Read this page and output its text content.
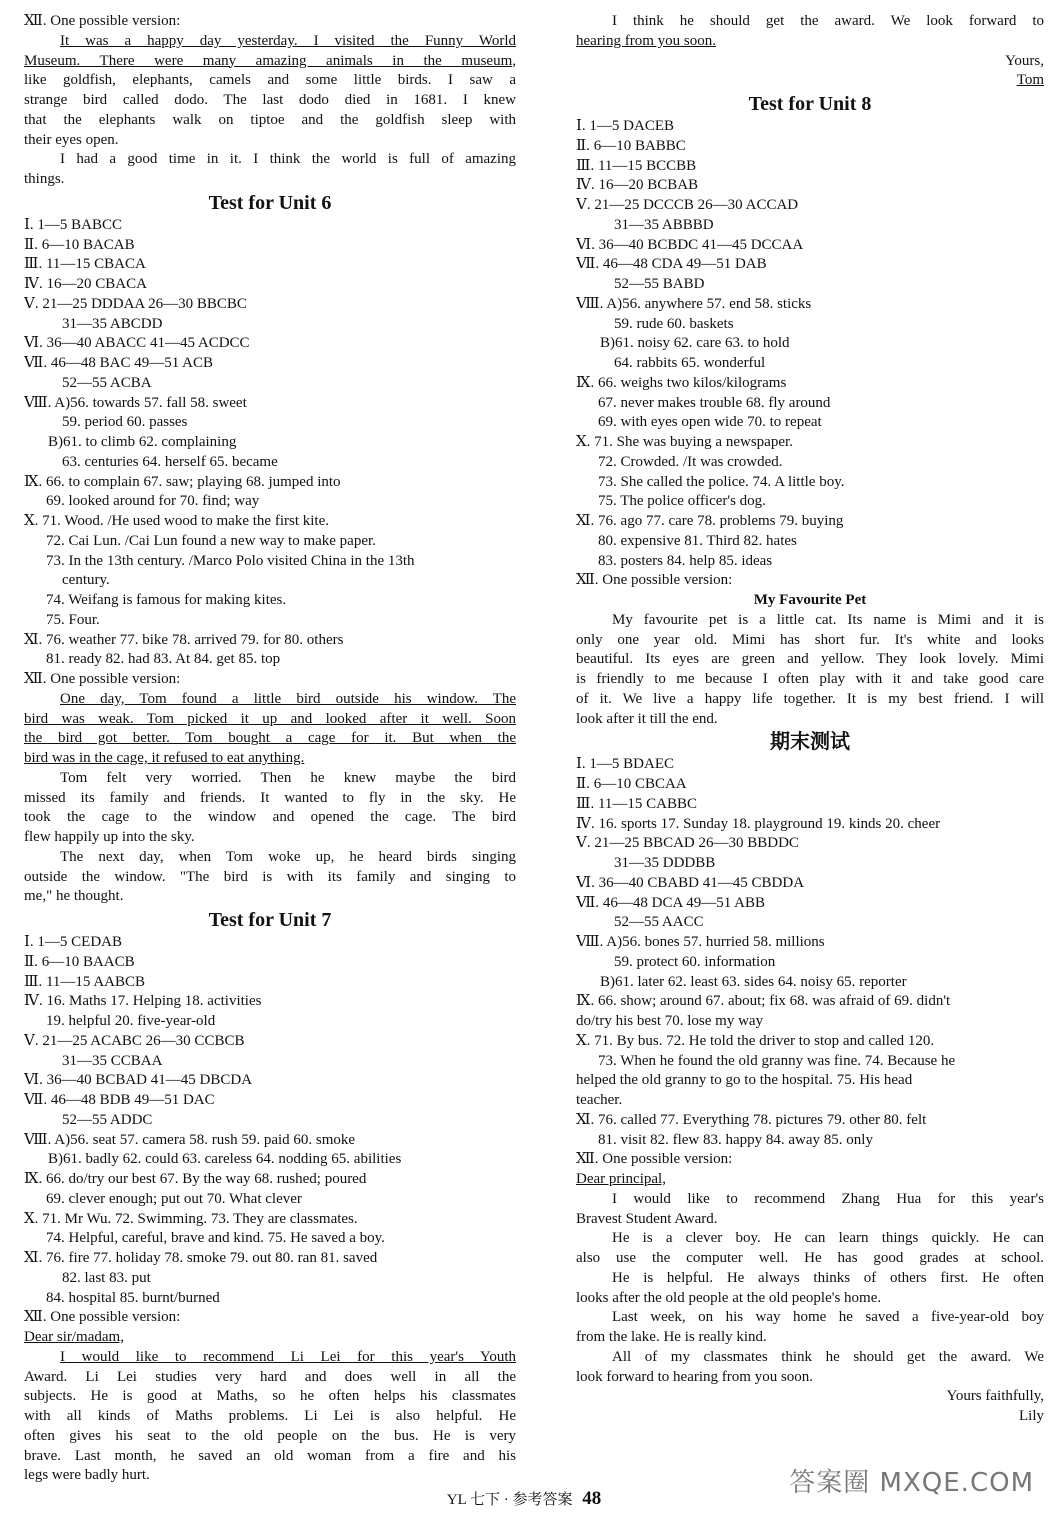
Ⅻ. One possible version:
It was a happy day yesterday. I visited the Funny World
Museum. There were many amazing animals in the museum,
like goldfish, elephants, camels and some little birds. I saw a
strange bird called dodo. The last dodo died in 1681. I knew
that the elephants walk on tiptoe and the goldfish sleep with
their eyes open.
I had a good time in it. I think the world is full of amazing
things.
Test for Unit 6
Ⅰ. 1—5 BABCC
Ⅱ. 6—10 BACAB
Ⅲ. 11—15 CBACA
Ⅳ. 16—20 CBACA
Ⅴ. 21—25 DDDAA 26—30 BBCBC
31—35 ABCDD
Ⅵ. 36—40 ABACC 41—45 ACDCC
Ⅶ. 46—48 BAC 49—51 ACB
52—55 ACBA
Ⅷ. A)56. towards 57. fall 58. sweet
59. period 60. passes
B)61. to climb 62. complaining
63. centuries 64. herself 65. became
Ⅸ. 66. to complain 67. saw; playing 68. jumped into
69. looked around for 70. find; way
Ⅹ. 71. Wood. /He used wood to make the first kite.
72. Cai Lun. /Cai Lun found a new way to make paper.
73. In the 13th century. /Marco Polo visited China in the 13th
century.
74. Weifang is famous for making kites.
75. Four.
Ⅺ. 76. weather 77. bike 78. arrived 79. for 80. others
81. ready 82. had 83. At 84. get 85. top
Ⅻ. One possible version:
One day, Tom found a little bird outside his window. The
bird was weak. Tom picked it up and looked after it well. Soon
the bird got better. Tom bought a cage for it. But when the
bird was in the cage, it refused to eat anything.
Tom felt very worried. Then he knew maybe the bird
missed its family and friends. It wanted to fly in the sky. He
took the cage to the window and opened the cage. The bird
flew happily up into the sky.
The next day, when Tom woke up, he heard birds singing
outside the window. "The bird is with its family and singing to
me," he thought.
Test for Unit 7
Ⅰ. 1—5 CEDAB
Ⅱ. 6—10 BAACB
Ⅲ. 11—15 AABCB
Ⅳ. 16. Maths 17. Helping 18. activities
19. helpful 20. five-year-old
Ⅴ. 21—25 ACABC 26—30 CCBCB
31—35 CCBAA
Ⅵ. 36—40 BCBAD 41—45 DBCDA
Ⅶ. 46—48 BDB 49—51 DAC
52—55 ADDC
Ⅷ. A)56. seat 57. camera 58. rush 59. paid 60. smoke
B)61. badly 62. could 63. careless 64. nodding 65. abilities
Ⅸ. 66. do/try our best 67. By the way 68. rushed; poured
69. clever enough; put out 70. What clever
Ⅹ. 71. Mr Wu. 72. Swimming. 73. They are classmates.
74. Helpful, careful, brave and kind. 75. He saved a boy.
Ⅺ. 76. fire 77. holiday 78. smoke 79. out 80. ran 81. saved
82. last 83. put
84. hospital 85. burnt/burned
Ⅻ. One possible version:
Dear sir/madam,
I would like to recommend Li Lei for this year's Youth
Award. Li Lei studies very hard and does well in all the
subjects. He is good at Maths, so he often helps his classmates
with all kinds of Maths problems. Li Lei is also helpful. He
often gives his seat to the old people on the bus. He is very
brave. Last month, he saved an old woman from a fire and his
legs were badly hurt.
I think he should get the award. We look forward to
hearing from you soon.
Yours,
Tom
Test for Unit 8
Ⅰ. 1—5 DACEB
Ⅱ. 6—10 BABBC
Ⅲ. 11—15 BCCBB
Ⅳ. 16—20 BCBAB
Ⅴ. 21—25 DCCCB 26—30 ACCAD
31—35 ABBBD
Ⅵ. 36—40 BCBDC 41—45 DCCAA
Ⅶ. 46—48 CDA 49—51 DAB
52—55 BABD
Ⅷ. A)56. anywhere 57. end 58. sticks
59. rude 60. baskets
B)61. noisy 62. care 63. to hold
64. rabbits 65. wonderful
Ⅸ. 66. weighs two kilos/kilograms
67. never makes trouble 68. fly around
69. with eyes open wide 70. to repeat
Ⅹ. 71. She was buying a newspaper.
72. Crowded. /It was crowded.
73. She called the police. 74. A little boy.
75. The police officer's dog.
Ⅺ. 76. ago 77. care 78. problems 79. buying
80. expensive 81. Third 82. hates
83. posters 84. help 85. ideas
Ⅻ. One possible version:
My Favourite Pet
My favourite pet is a little cat. Its name is Mimi and it is
only one year old. Mimi has short fur. It's white and looks
beautiful. Its eyes are green and yellow. They look lovely. Mimi
is friendly to me because I often play with it and take good care
of it. We live a happy life together. It is my best friend. I will
look after it till the end.
期末测试
Ⅰ. 1—5 BDAEC
Ⅱ. 6—10 CBCAA
Ⅲ. 11—15 CABBC
Ⅳ. 16. sports 17. Sunday 18. playground 19. kinds 20. cheer
Ⅴ. 21—25 BBCAD 26—30 BBDDC
31—35 DDDBB
Ⅵ. 36—40 CBABD 41—45 CBDDA
Ⅶ. 46—48 DCA 49—51 ABB
52—55 AACC
Ⅷ. A)56. bones 57. hurried 58. millions
59. protect 60. information
B)61. later 62. least 63. sides 64. noisy 65. reporter
Ⅸ. 66. show; around 67. about; fix 68. was afraid of 69. didn't
do/try his best 70. lose my way
Ⅹ. 71. By bus. 72. He told the driver to stop and called 120.
73. When he found the old granny was fine. 74. Because he
helped the old granny to go to the hospital. 75. His head
teacher.
Ⅺ. 76. called 77. Everything 78. pictures 79. other 80. felt
81. visit 82. flew 83. happy 84. away 85. only
Ⅻ. One possible version:
Dear principal,
I would like to recommend Zhang Hua for this year's
Bravest Student Award.
He is a clever boy. He can learn things quickly. He can
also use the computer well. He has good grades at school.
He is helpful. He always thinks of others first. He often
looks after the old people at the old people's home.
Last week, on his way home he saved a five-year-old boy
from the lake. He is really kind.
All of my classmates think he should get the award. We
look forward to hearing from you soon.
Yours faithfully,
Lily
YL 七下 · 参考答案 48
答案圈 MXQE.COM
